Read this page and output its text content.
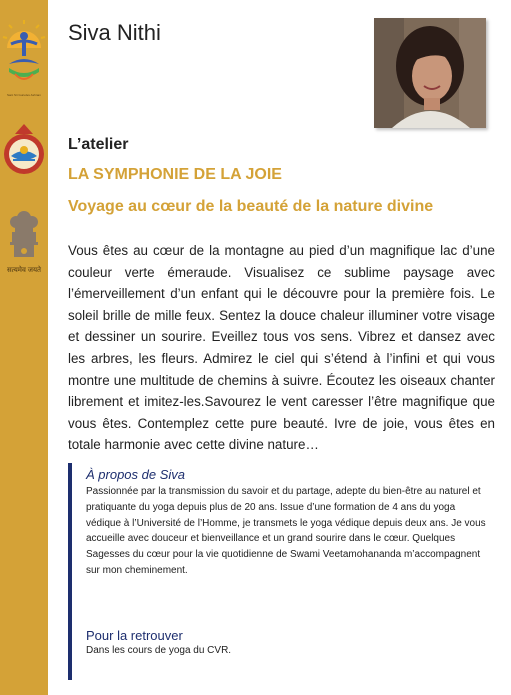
Sant Sri Gurudev Ashram
सत्यमेव जयते
Siva Nithi
L’atelier
LA SYMPHONIE DE LA JOIE
Voyage au cœur de la beauté de la nature divine

Vous êtes au cœur de la montagne au pied d’un magnifique lac d’une couleur verte émeraude. Visualisez ce sublime paysage avec l’émerveillement d’un enfant qui le découvre pour la première fois. Le soleil brille de mille feux. Sentez la douce chaleur illuminer votre visage et dessiner un sourire. Eveillez tous vos sens. Vibrez et dansez avec les arbres, les fleurs. Admirez le ciel qui s’étend à l’infini et qui vous montre une multitude de chemins à suivre. Écoutez les oiseaux chanter librement et imitez-les.Savourez le vent caresser l’être magnifique que vous êtes. Contemplez cette pure beauté. Ivre de joie, vous êtes en totale harmonie avec cette divine nature…

À propos de Siva

Passionnée par la transmission du savoir et du partage, adepte du bien-être au naturel et pratiquante du yoga depuis plus de 20 ans. Issue d’une formation de 4 ans du yoga védique à l’Université de l’Homme, je transmets le yoga védique depuis deux ans. Je vous accueille avec douceur et bienveillance et un grand sourire dans le cœur. Quelques Sagesses du cœur pour la vie quotidienne de Swami Veetamohananda m’accompagnent sur mon cheminement.

Pour la retrouver
Dans les cours de yoga du CVR.
